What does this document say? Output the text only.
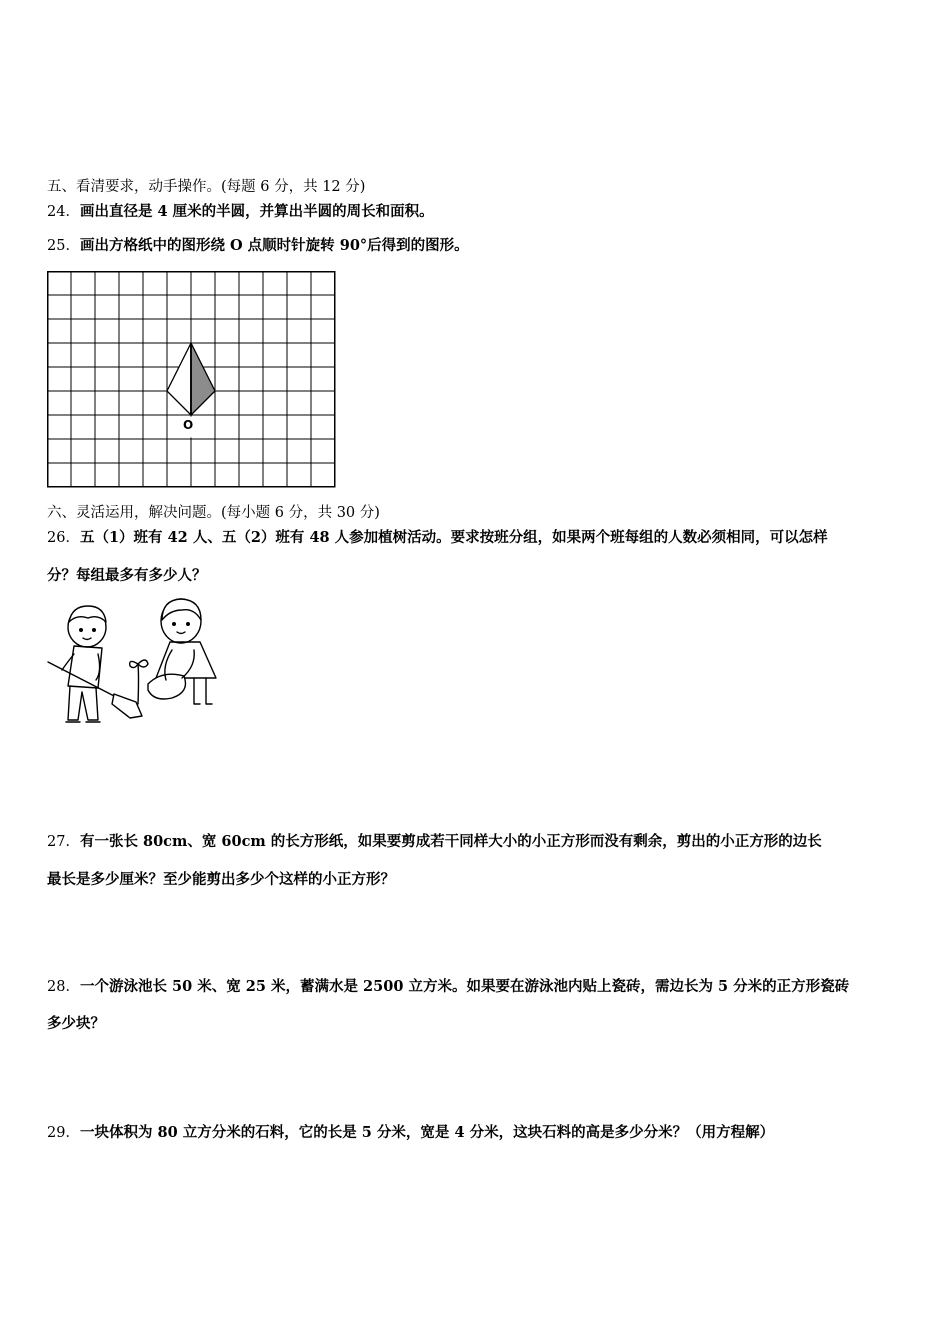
五、看清要求，动手操作。(每题 6 分，共 12 分)
24．画出直径是 4 厘米的半圆，并算出半圆的周长和面积。
25．画出方格纸中的图形绕 O 点顺时针旋转 90°后得到的图形。
O
六、灵活运用，解决问题。(每小题 6 分，共 30 分)
26．五（1）班有 42 人、五（2）班有 48 人参加植树活动。要求按班分组，如果两个班每组的人数必须相同，可以怎样
分？每组最多有多少人？
27．有一张长 80cm、宽 60cm 的长方形纸，如果要剪成若干同样大小的小正方形而没有剩余，剪出的小正方形的边长
最长是多少厘米？至少能剪出多少个这样的小正方形？
28．一个游泳池长 50 米、宽 25 米，蓄满水是 2500 立方米。如果要在游泳池内贴上瓷砖，需边长为 5 分米的正方形瓷砖
多少块？
29．一块体积为 80 立方分米的石料，它的长是 5 分米，宽是 4 分米，这块石料的高是多少分米？（用方程解）
